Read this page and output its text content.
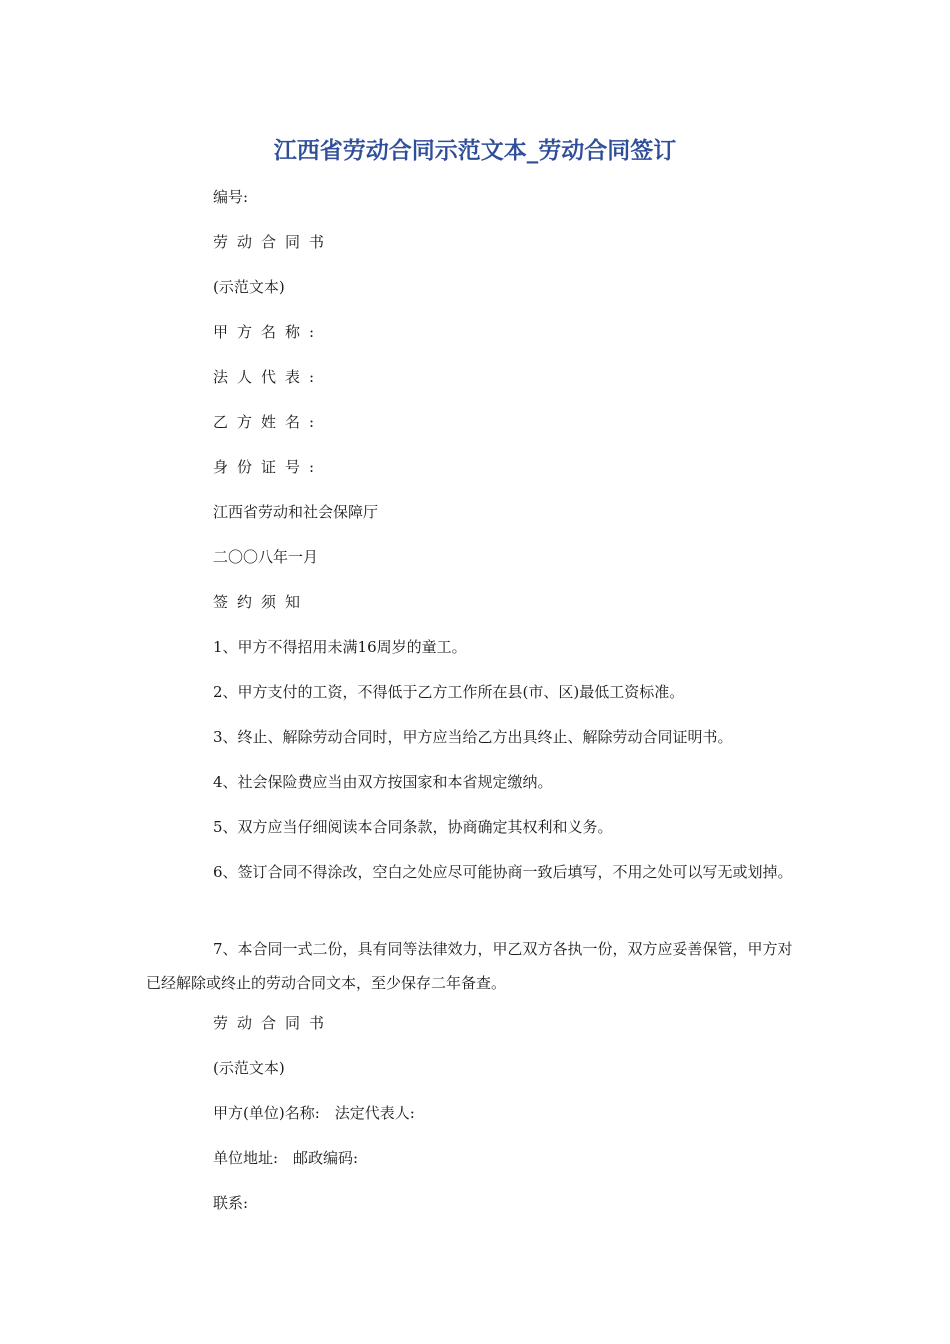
江西省劳动合同示范文本_劳动合同签订

编号:

劳动合同书

(示范文本)

甲方名称:

法人代表:

乙方姓名:

身份证号:

江西省劳动和社会保障厅

二〇〇八年一月

签约须知

1、甲方不得招用未满16周岁的童工。

2、甲方支付的工资，不得低于乙方工作所在县(市、区)最低工资标准。

3、终止、解除劳动合同时，甲方应当给乙方出具终止、解除劳动合同证明书。

4、社会保险费应当由双方按国家和本省规定缴纳。

5、双方应当仔细阅读本合同条款，协商确定其权利和义务。

6、签订合同不得涂改，空白之处应尽可能协商一致后填写，不用之处可以写无或划掉。

7、本合同一式二份，具有同等法律效力，甲乙双方各执一份，双方应妥善保管，甲方对已经解除或终止的劳动合同文本，至少保存二年备查。

劳动合同书

(示范文本)

甲方(单位)名称:　法定代表人:

单位地址:　邮政编码:

联系:
